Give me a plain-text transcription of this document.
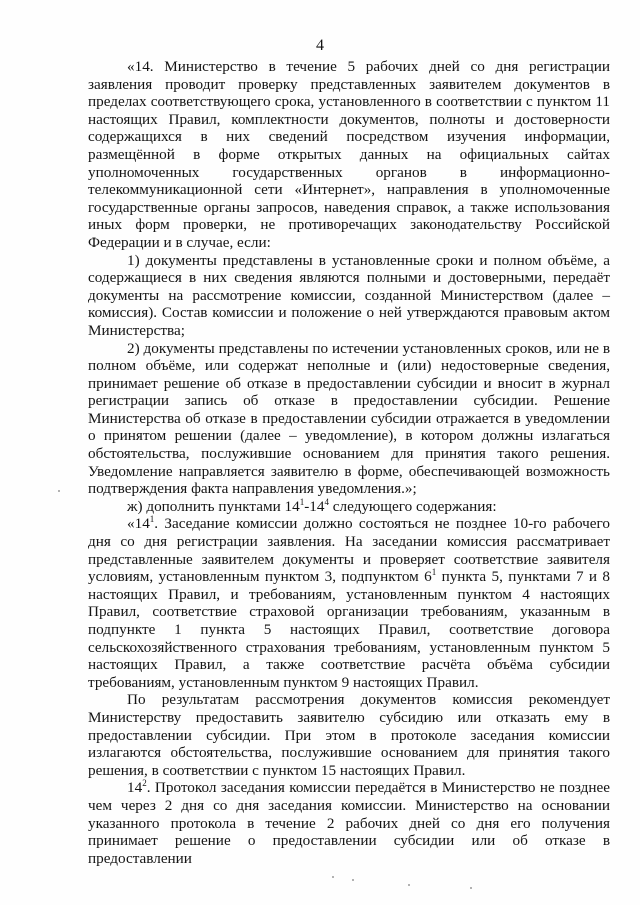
4

«14. Министерство в течение 5 рабочих дней со дня регистрации заявления проводит проверку представленных заявителем документов в пределах соответствующего срока, установленного в соответствии с пунктом 11 настоящих Правил, комплектности документов, полноты и достоверности содержащихся в них сведений посредством изучения информации, размещённой в форме открытых данных на официальных сайтах уполномоченных государственных органов в информационно-телекоммуникационной сети «Интернет», направления в уполномоченные государственные органы запросов, наведения справок, а также использования иных форм проверки, не противоречащих законодательству Российской Федерации и в случае, если:

1) документы представлены в установленные сроки и полном объёме, а содержащиеся в них сведения являются полными и достоверными, передаёт документы на рассмотрение комиссии, созданной Министерством (далее – комиссия). Состав комиссии и положение о ней утверждаются правовым актом Министерства;

2) документы представлены по истечении установленных сроков, или не в полном объёме, или содержат неполные и (или) недостоверные сведения, принимает решение об отказе в предоставлении субсидии и вносит в журнал регистрации запись об отказе в предоставлении субсидии. Решение Министерства об отказе в предоставлении субсидии отражается в уведомлении о принятом решении (далее – уведомление), в котором должны излагаться обстоятельства, послужившие основанием для принятия такого решения. Уведомление направляется заявителю в форме, обеспечивающей возможность подтверждения факта направления уведомления.»;

ж) дополнить пунктами $14^1-14^4$ следующего содержания:

«$14^1$. Заседание комиссии должно состояться не позднее 10-го рабочего дня со дня регистрации заявления. На заседании комиссия рассматривает представленные заявителем документы и проверяет соответствие заявителя условиям, установленным пунктом 3, подпунктом $6^1$ пункта 5, пунктами 7 и 8 настоящих Правил, и требованиям, установленным пунктом 4 настоящих Правил, соответствие страховой организации требованиям, указанным в подпункте 1 пункта 5 настоящих Правил, соответствие договора сельскохозяйственного страхования требованиям, установленным пунктом 5 настоящих Правил, а также соответствие расчёта объёма субсидии требованиям, установленным пунктом 9 настоящих Правил.

По результатам рассмотрения документов комиссия рекомендует Министерству предоставить заявителю субсидию или отказать ему в предоставлении субсидии. При этом в протоколе заседания комиссии излагаются обстоятельства, послужившие основанием для принятия такого решения, в соответствии с пунктом 15 настоящих Правил.

$14^2$. Протокол заседания комиссии передаётся в Министерство не позднее чем через 2 дня со дня заседания комиссии. Министерство на основании указанного протокола в течение 2 рабочих дней со дня его получения принимает решение о предоставлении субсидии или об отказе в предоставлении
